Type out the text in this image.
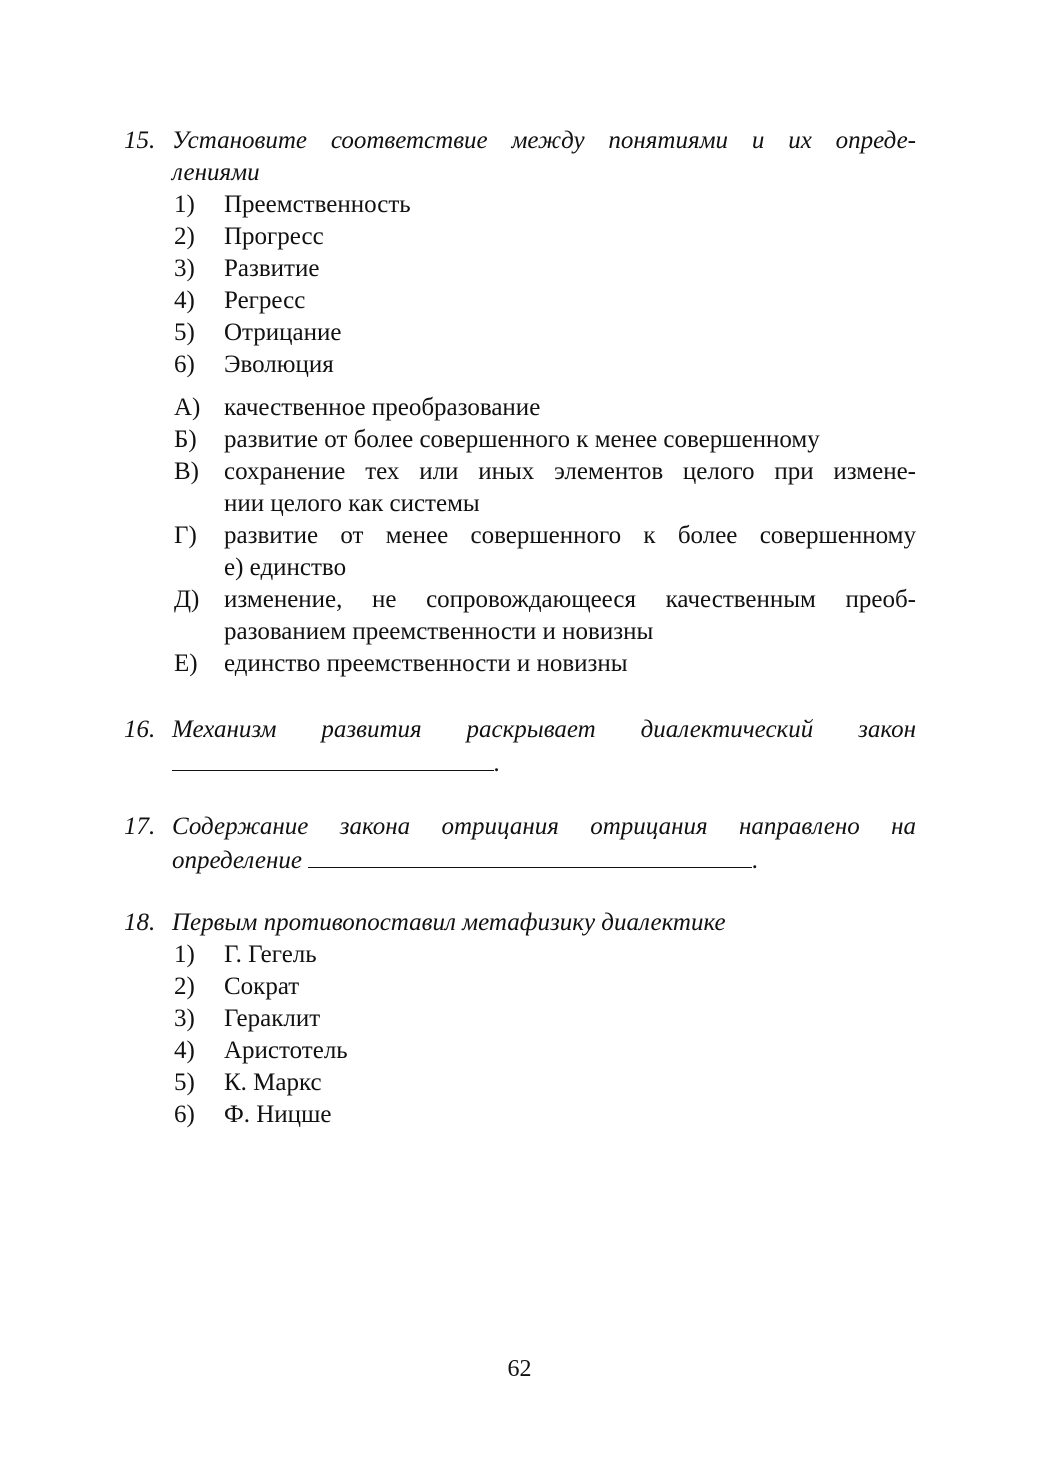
15. Установите соответствие между понятиями и их опреде-
лениями
1) Преемственность
2) Прогресс
3) Развитие
4) Регресс
5) Отрицание
6) Эволюция
А) качественное преобразование
Б) развитие от более совершенного к менее совершенному
В) сохранение тех или иных элементов целого при измене-
нии целого как системы
Г) развитие от менее совершенного к более совершенному
е) единство
Д) изменение, не сопровождающееся качественным преоб-
разованием преемственности и новизны
Е) единство преемственности и новизны
16. Механизм развития раскрывает диалектический закон
.
17. Содержание закона отрицания отрицания направлено на
определение	.
18. Первым противопоставил метафизику диалектике
1) Г. Гегель
2) Сократ
3) Гераклит
4) Аристотель
5) К. Маркс
6) Ф. Ницше
62
